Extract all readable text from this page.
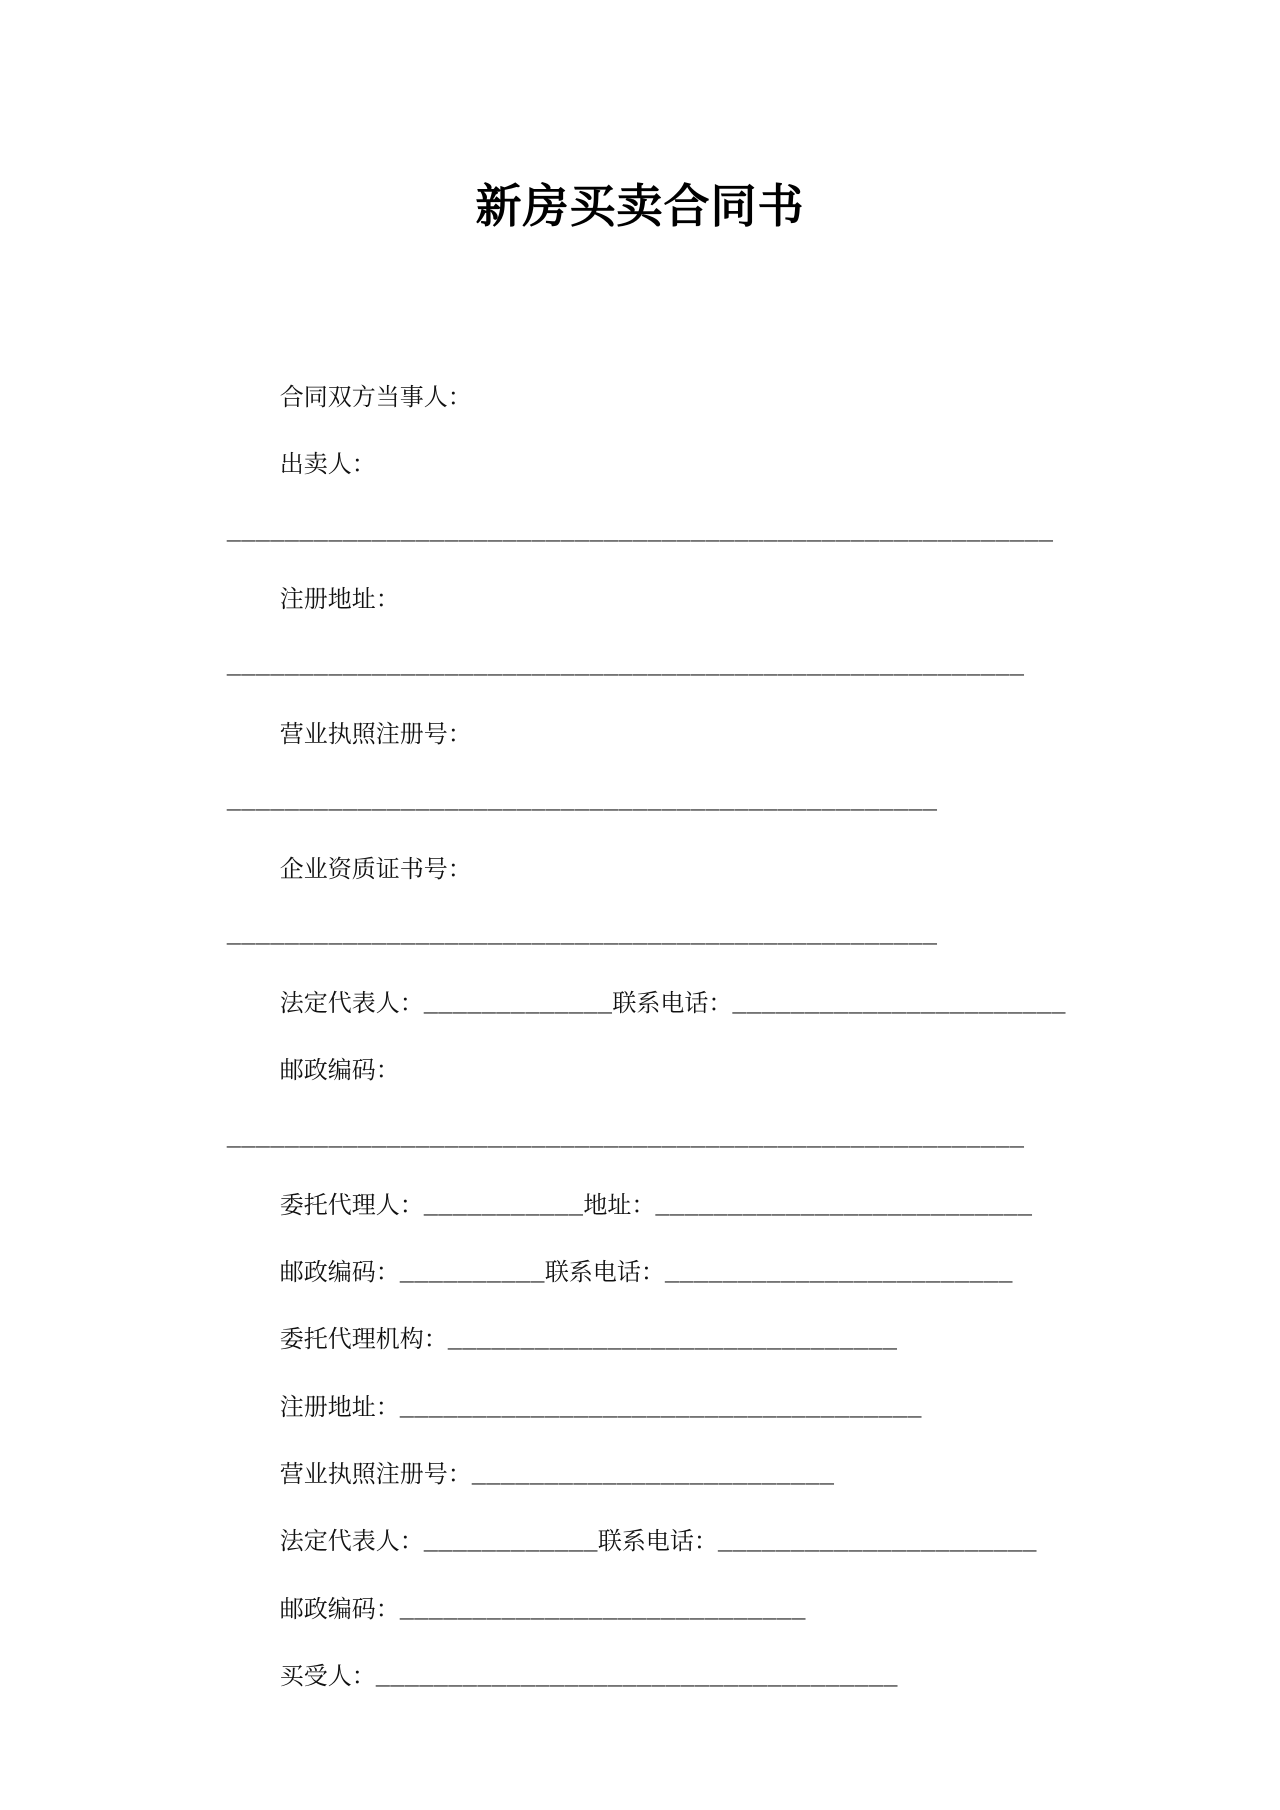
新房买卖合同书

合同双方当事人：

出卖人：

_________________________________________________________

注册地址：

_______________________________________________________

营业执照注册号：

_________________________________________________

企业资质证书号：

_________________________________________________

法定代表人：_____________联系电话：_______________________

邮政编码：

_______________________________________________________

委托代理人：___________地址：__________________________

邮政编码：__________联系电话：________________________

委托代理机构：_______________________________

注册地址：____________________________________

营业执照注册号：_________________________

法定代表人：____________联系电话：______________________

邮政编码：____________________________

买受人：____________________________________
